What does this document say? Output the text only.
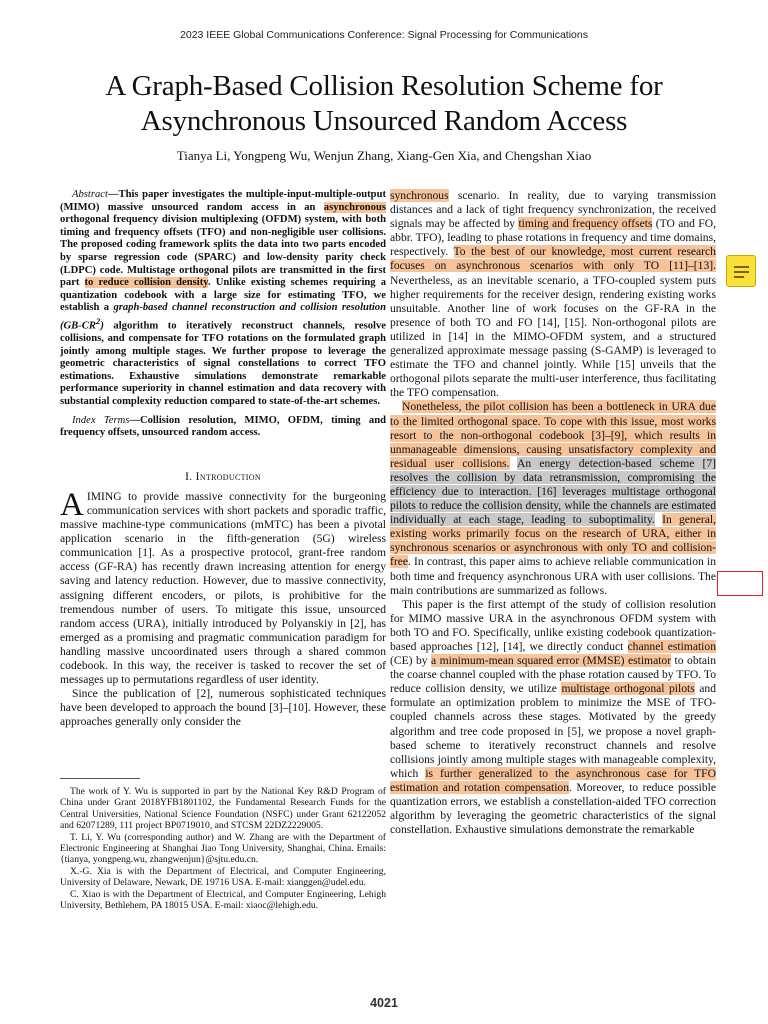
2023 IEEE Global Communications Conference: Signal Processing for Communications
A Graph-Based Collision Resolution Scheme for
Asynchronous Unsourced Random Access
Tianya Li, Yongpeng Wu, Wenjun Zhang, Xiang-Gen Xia, and Chengshan Xiao

Abstract—This paper investigates the multiple-input-multiple-output (MIMO) massive unsourced random access in an asynchronous orthogonal frequency division multiplexing (OFDM) system, with both timing and frequency offsets (TFO) and non-negligible user collisions. The proposed coding framework splits the data into two parts encoded by sparse regression code (SPARC) and low-density parity check (LDPC) code. Multistage orthogonal pilots are transmitted in the first part to reduce collision density. Unlike existing schemes requiring a quantization codebook with a large size for estimating TFO, we establish a graph-based channel reconstruction and collision resolution $(GB-CR^2)$ algorithm to iteratively reconstruct channels, resolve collisions, and compensate for TFO rotations on the formulated graph jointly among multiple stages. We further propose to leverage the geometric characteristics of signal constellations to correct TFO estimations. Exhaustive simulations demonstrate remarkable performance superiority in channel estimation and data recovery with substantial complexity reduction compared to state-of-the-art schemes.

Index Terms—Collision resolution, MIMO, OFDM, timing and frequency offsets, unsourced random access.

I. Introduction

AIMING to provide massive connectivity for the burgeoning communication services with short packets and sporadic traffic, massive machine-type communications (mMTC) has been a pivotal application scenario in the fifth-generation (5G) wireless communication [1]. As a prospective protocol, grant-free random access (GF-RA) has recently drawn increasing attention for energy saving and latency reduction. However, due to massive connectivity, assigning different encoders, or pilots, is prohibitive for the tremendous number of users. To mitigate this issue, unsourced random access (URA), initially introduced by Polyanskiy in [2], has emerged as a promising and pragmatic communication paradigm for handling massive uncoordinated users through a shared common codebook. In this way, the receiver is tasked to recover the set of messages up to permutations regardless of user identity.

Since the publication of [2], numerous sophisticated techniques have been developed to approach the bound [3]–[10]. However, these approaches generally only consider the

The work of Y. Wu is supported in part by the National Key R&D Program of China under Grant 2018YFB1801102, the Fundamental Research Funds for the Central Universities, National Science Foundation (NSFC) under Grant 62122052 and 62071289, 111 project BP0719010, and STCSM 22DZ2229005.

T. Li, Y. Wu (corresponding author) and W. Zhang are with the Department of Electronic Engineering at Shanghai Jiao Tong University, Shanghai, China. Emails: {tianya, yongpeng.wu, zhangwenjun}@sjtu.edu.cn.

X.-G. Xia is with the Department of Electrical, and Computer Engineering, University of Delaware, Newark, DE 19716 USA. E-mail: xianggen@udel.edu.

C. Xiao is with the Department of Electrical, and Computer Engineering, Lehigh University, Bethlehem, PA 18015 USA. E-mail: xiaoc@lehigh.edu.

synchronous scenario. In reality, due to varying transmission distances and a lack of tight frequency synchronization, the received signals may be affected by timing and frequency offsets (TO and FO, abbr. TFO), leading to phase rotations in frequency and time domains, respectively. To the best of our knowledge, most current research focuses on asynchronous scenarios with only TO [11]–[13]. Nevertheless, as an inevitable scenario, a TFO-coupled system puts higher requirements for the receiver design, rendering existing works unsuitable. Another line of work focuses on the GF-RA in the presence of both TO and FO [14], [15]. Non-orthogonal pilots are utilized in [14] in the MIMO-OFDM system, and a structured generalized approximate message passing (S-GAMP) is leveraged to estimate the TFO and channel jointly. While [15] unveils that the orthogonal pilots separate the multi-user interference, thus facilitating the TFO compensation.

Nonetheless, the pilot collision has been a bottleneck in URA due to the limited orthogonal space. To cope with this issue, most works resort to the non-orthogonal codebook [3]–[9], which results in unmanageable dimensions, causing unsatisfactory complexity and residual user collisions. An energy detection-based scheme [7] resolves the collision by data retransmission, compromising the efficiency due to interaction. [16] leverages multistage orthogonal pilots to reduce the collision density, while the channels are estimated individually at each stage, leading to suboptimality. In general, existing works primarily focus on the research of URA, either in synchronous scenarios or asynchronous with only TO and collision-free. In contrast, this paper aims to achieve reliable communication in both time and frequency asynchronous URA with user collisions. The main contributions are summarized as follows.

This paper is the first attempt of the study of collision resolution for MIMO massive URA in the asynchronous OFDM system with both TO and FO. Specifically, unlike existing codebook quantization-based approaches [12], [14], we directly conduct channel estimation (CE) by a minimum-mean squared error (MMSE) estimator to obtain the coarse channel coupled with the phase rotation caused by TFO. To reduce collision density, we utilize multistage orthogonal pilots and formulate an optimization problem to minimize the MSE of TFO-coupled channels across these stages. Motivated by the greedy algorithm and tree code proposed in [5], we propose a novel graph-based scheme to iteratively reconstruct channels and resolve collisions jointly among multiple stages with manageable complexity, which is further generalized to the asynchronous case for TFO estimation and rotation compensation. Moreover, to reduce possible quantization errors, we establish a constellation-aided TFO correction algorithm by leveraging the geometric characteristics of the signal constellation. Exhaustive simulations demonstrate the remarkable

4021
